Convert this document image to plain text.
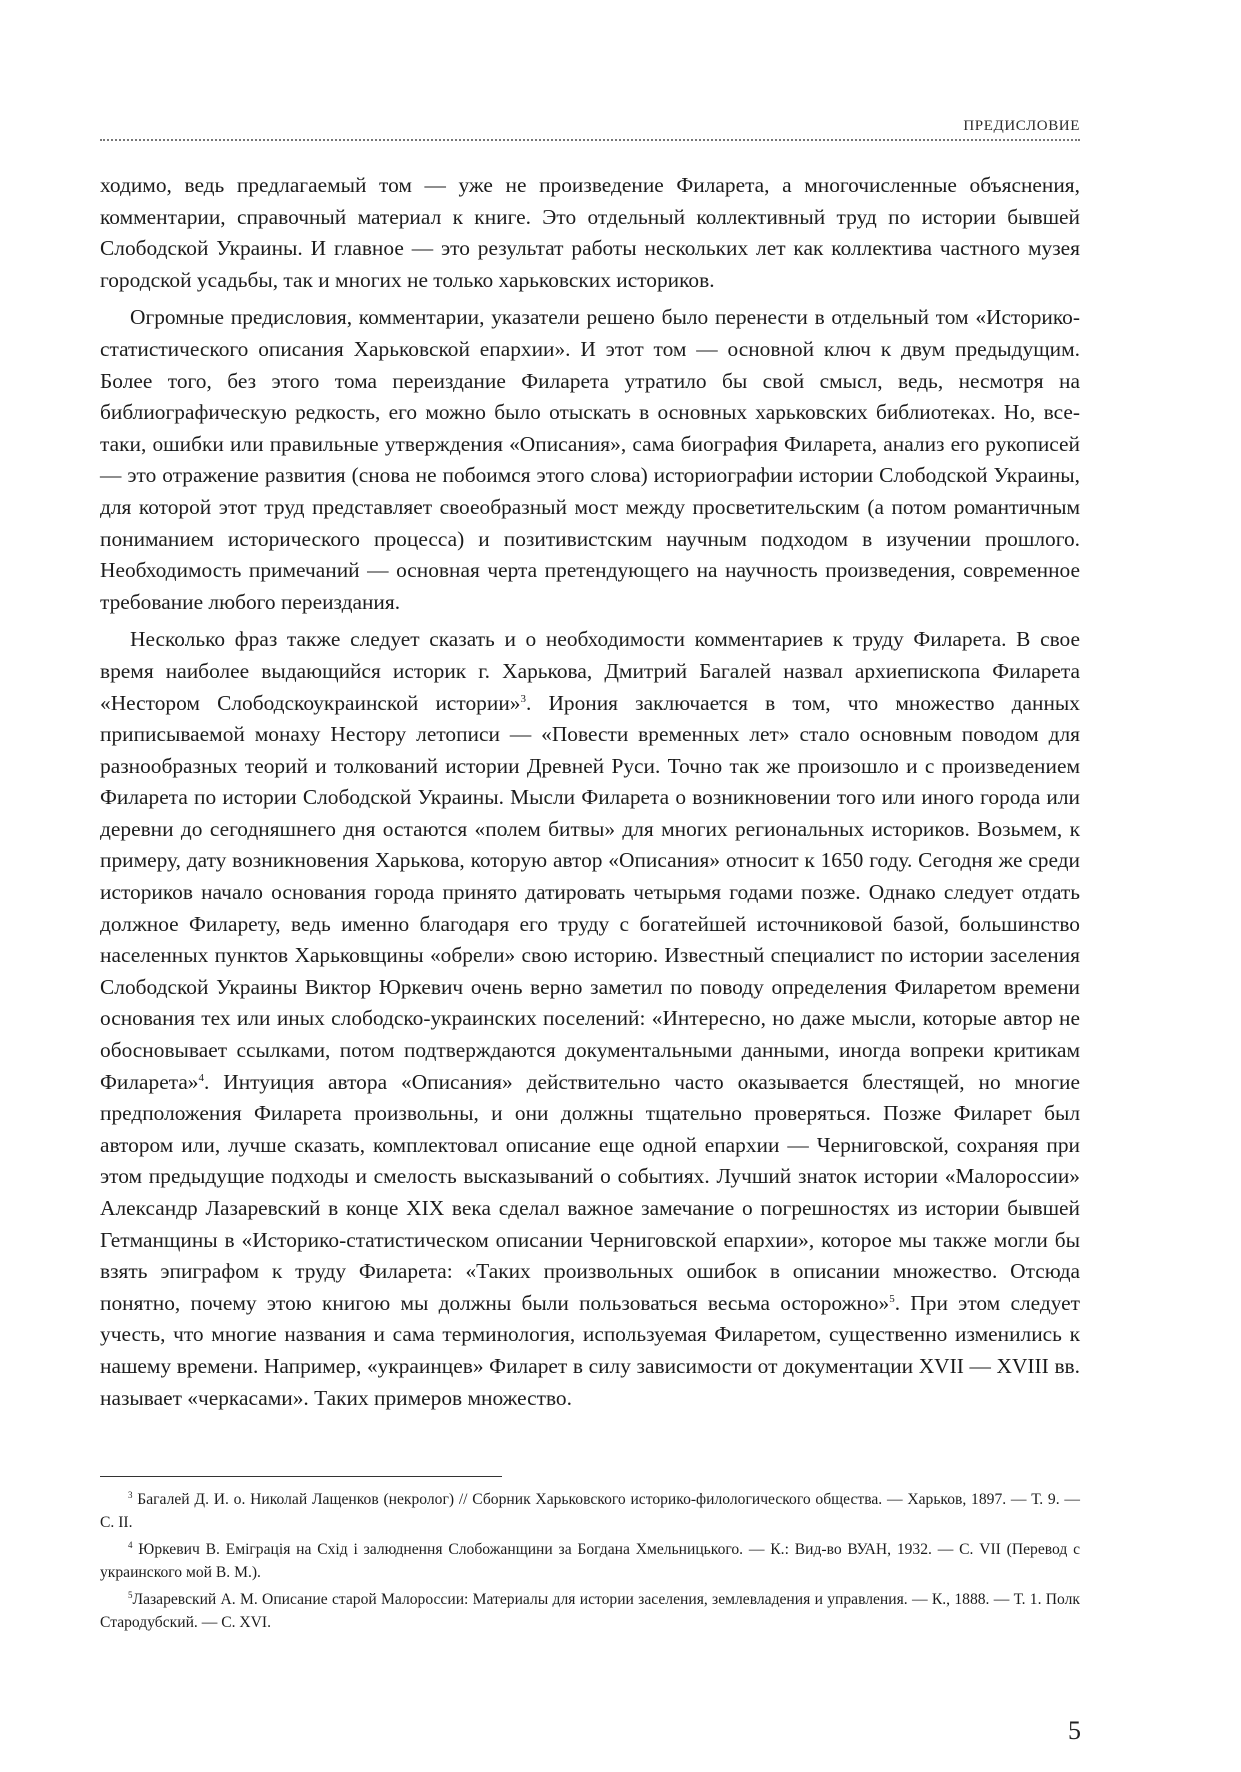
ПРЕДИСЛОВИЕ

ходимо, ведь предлагаемый том — уже не произведение Филарета, а многочисленные объяснения, комментарии, справочный материал к книге. Это отдельный коллективный труд по истории бывшей Слободской Украины. И главное — это результат работы нескольких лет как коллектива частного музея городской усадьбы, так и многих не только харьковских историков.

Огромные предисловия, комментарии, указатели решено было перенести в отдельный том «Историко-статистического описания Харьковской епархии». И этот том — основной ключ к двум предыдущим. Более того, без этого тома переиздание Филарета утратило бы свой смысл, ведь, несмотря на библиографическую редкость, его можно было отыскать в основных харьковских библиотеках. Но, все-таки, ошибки или правильные утверждения «Описания», сама биография Филарета, анализ его рукописей — это отражение развития (снова не побоимся этого слова) историографии истории Слободской Украины, для которой этот труд представляет своеобразный мост между просветительским (а потом романтичным пониманием исторического процесса) и позитивистским научным подходом в изучении прошлого. Необходимость примечаний — основная черта претендующего на научность произведения, современное требование любого переиздания.

Несколько фраз также следует сказать и о необходимости комментариев к труду Филарета. В свое время наиболее выдающийся историк г. Харькова, Дмитрий Багалей назвал архиепископа Филарета «Нестором Слободскоукраинской истории»$^3$. Ирония заключается в том, что множество данных приписываемой монаху Нестору летописи — «Повести временных лет» стало основным поводом для разнообразных теорий и толкований истории Древней Руси. Точно так же произошло и с произведением Филарета по истории Слободской Украины. Мысли Филарета о возникновении того или иного города или деревни до сегодняшнего дня остаются «полем битвы» для многих региональных историков. Возьмем, к примеру, дату возникновения Харькова, которую автор «Описания» относит к 1650 году. Сегодня же среди историков начало основания города принято датировать четырьмя годами позже. Однако следует отдать должное Филарету, ведь именно благодаря его труду с богатейшей источниковой базой, большинство населенных пунктов Харьковщины «обрели» свою историю. Известный специалист по истории заселения Слободской Украины Виктор Юркевич очень верно заметил по поводу определения Филаретом времени основания тех или иных слободско-украинских поселений: «Интересно, но даже мысли, которые автор не обосновывает ссылками, потом подтверждаются документальными данными, иногда вопреки критикам Филарета»$^4$. Интуиция автора «Описания» действительно часто оказывается блестящей, но многие предположения Филарета произвольны, и они должны тщательно проверяться. Позже Филарет был автором или, лучше сказать, комплектовал описание еще одной епархии — Черниговской, сохраняя при этом предыдущие подходы и смелость высказываний о событиях. Лучший знаток истории «Малороссии» Александр Лазаревский в конце XIX века сделал важное замечание о погрешностях из истории бывшей Гетманщины в «Историко-статистическом описании Черниговской епархии», которое мы также могли бы взять эпиграфом к труду Филарета: «Таких произвольных ошибок в описании множество. Отсюда понятно, почему этою книгою мы должны были пользоваться весьма осторожно»$^5$. При этом следует учесть, что многие названия и сама терминология, используемая Филаретом, существенно изменились к нашему времени. Например, «украинцев» Филарет в силу зависимости от документации XVII — XVIII вв. называет «черкасами». Таких примеров множество.

$^3$ Багалей Д. И. о. Николай Лащенков (некролог) // Сборник Харьковского историко-филологического общества. — Харьков, 1897. — Т. 9. — С. II.

$^4$ Юркевич В. Еміграція на Схід і залюднення Слобожанщини за Богдана Хмельницького. — К.: Вид-во ВУАН, 1932. — С. VII (Перевод с украинского мой В. М.).

$^5$Лазаревский А. М. Описание старой Малороссии: Материалы для истории заселения, землевладения и управления. — К., 1888. — Т. 1. Полк Стародубский. — С. XVI.

5
